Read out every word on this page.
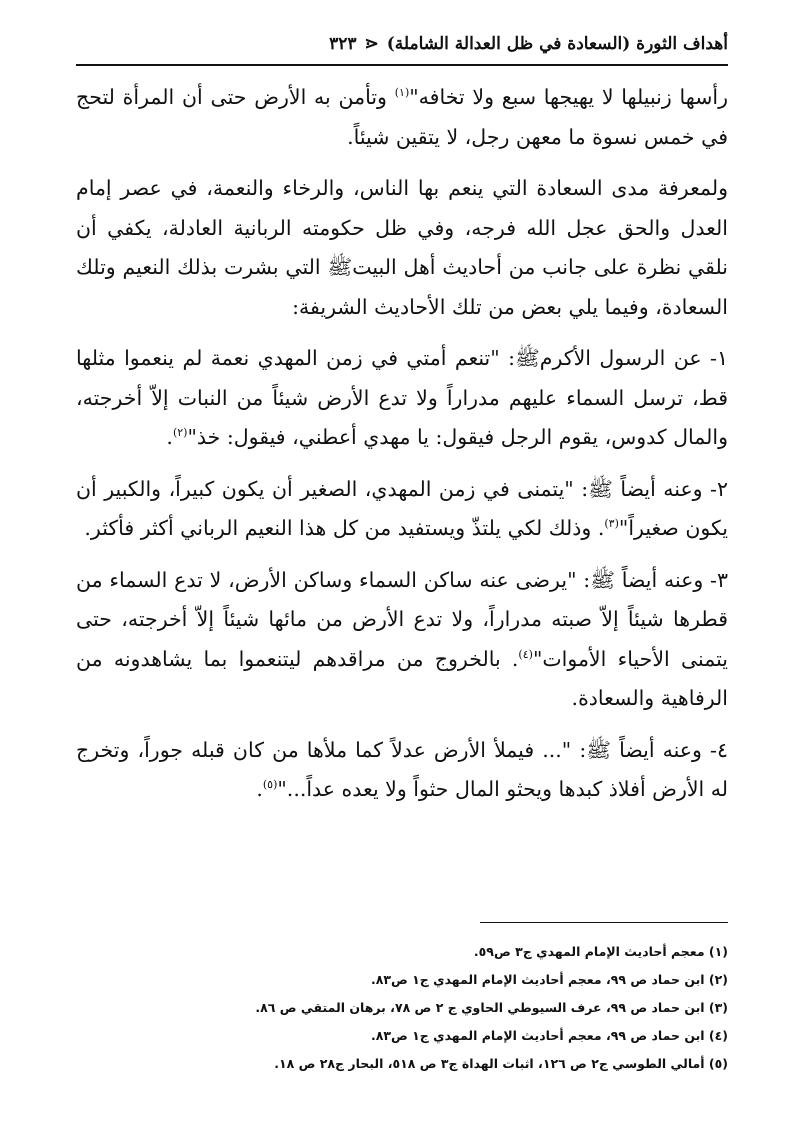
أهداف الثورة (السعادة في ظل العدالة الشاملة)
⋖
٣٢٣

رأسها زنبيلها لا يهيجها سبع ولا تخافه"$^{(١)}$ وتأمن به الأرض حتى أن المرأة لتحج في خمس نسوة ما معهن رجل، لا يتقين شيئاً.

ولمعرفة مدى السعادة التي ينعم بها الناس، والرخاء والنعمة، في عصر إمام العدل والحق عجل الله فرجه، وفي ظل حكومته الربانية العادلة، يكفي أن نلقي نظرة على جانب من أحاديث أهل البيتﷺ التي بشرت بذلك النعيم وتلك السعادة، وفيما يلي بعض من تلك الأحاديث الشريفة:

١- عن الرسول الأكرمﷺ: "تنعم أمتي في زمن المهدي نعمة لم ينعموا مثلها قط، ترسل السماء عليهم مدراراً ولا تدع الأرض شيئاً من النبات إلاّ أخرجته، والمال كدوس، يقوم الرجل فيقول: يا مهدي أعطني، فيقول: خذ"$^{(٢)}$.

٢- وعنه أيضاً ﷺ: "يتمنى في زمن المهدي، الصغير أن يكون كبيراً، والكبير أن يكون صغيراً"$^{(٣)}$. وذلك لكي يلتذّ ويستفيد من كل هذا النعيم الرباني أكثر فأكثر.

٣- وعنه أيضاً ﷺ: "يرضى عنه ساكن السماء وساكن الأرض، لا تدع السماء من قطرها شيئاً إلاّ صبته مدراراً، ولا تدع الأرض من مائها شيئاً إلاّ أخرجته، حتى يتمنى الأحياء الأموات"$^{(٤)}$. بالخروج من مراقدهم ليتنعموا بما يشاهدونه من الرفاهية والسعادة.

٤- وعنه أيضاً ﷺ: "... فيملأ الأرض عدلاً كما ملأها من كان قبله جوراً، وتخرج له الأرض أفلاذ كبدها ويحثو المال حثواً ولا يعده عداً..."$^{(٥)}$.

(١) معجم أحاديث الإمام المهدي ج٣ ص٥٩.
(٢) ابن حماد ص ٩٩، معجم أحاديث الإمام المهدي ج١ ص٨٣.
(٣) ابن حماد ص ٩٩، عرف السيوطي الحاوي ج ٢ ص ٧٨، برهان المتقي ص ٨٦.
(٤) ابن حماد ص ٩٩، معجم أحاديث الإمام المهدي ج١ ص٨٣.
(٥) أمالي الطوسي ج٢ ص ١٢٦، اثبات الهداة ج٣ ص ٥١٨، البحار ج٢٨ ص ١٨.
